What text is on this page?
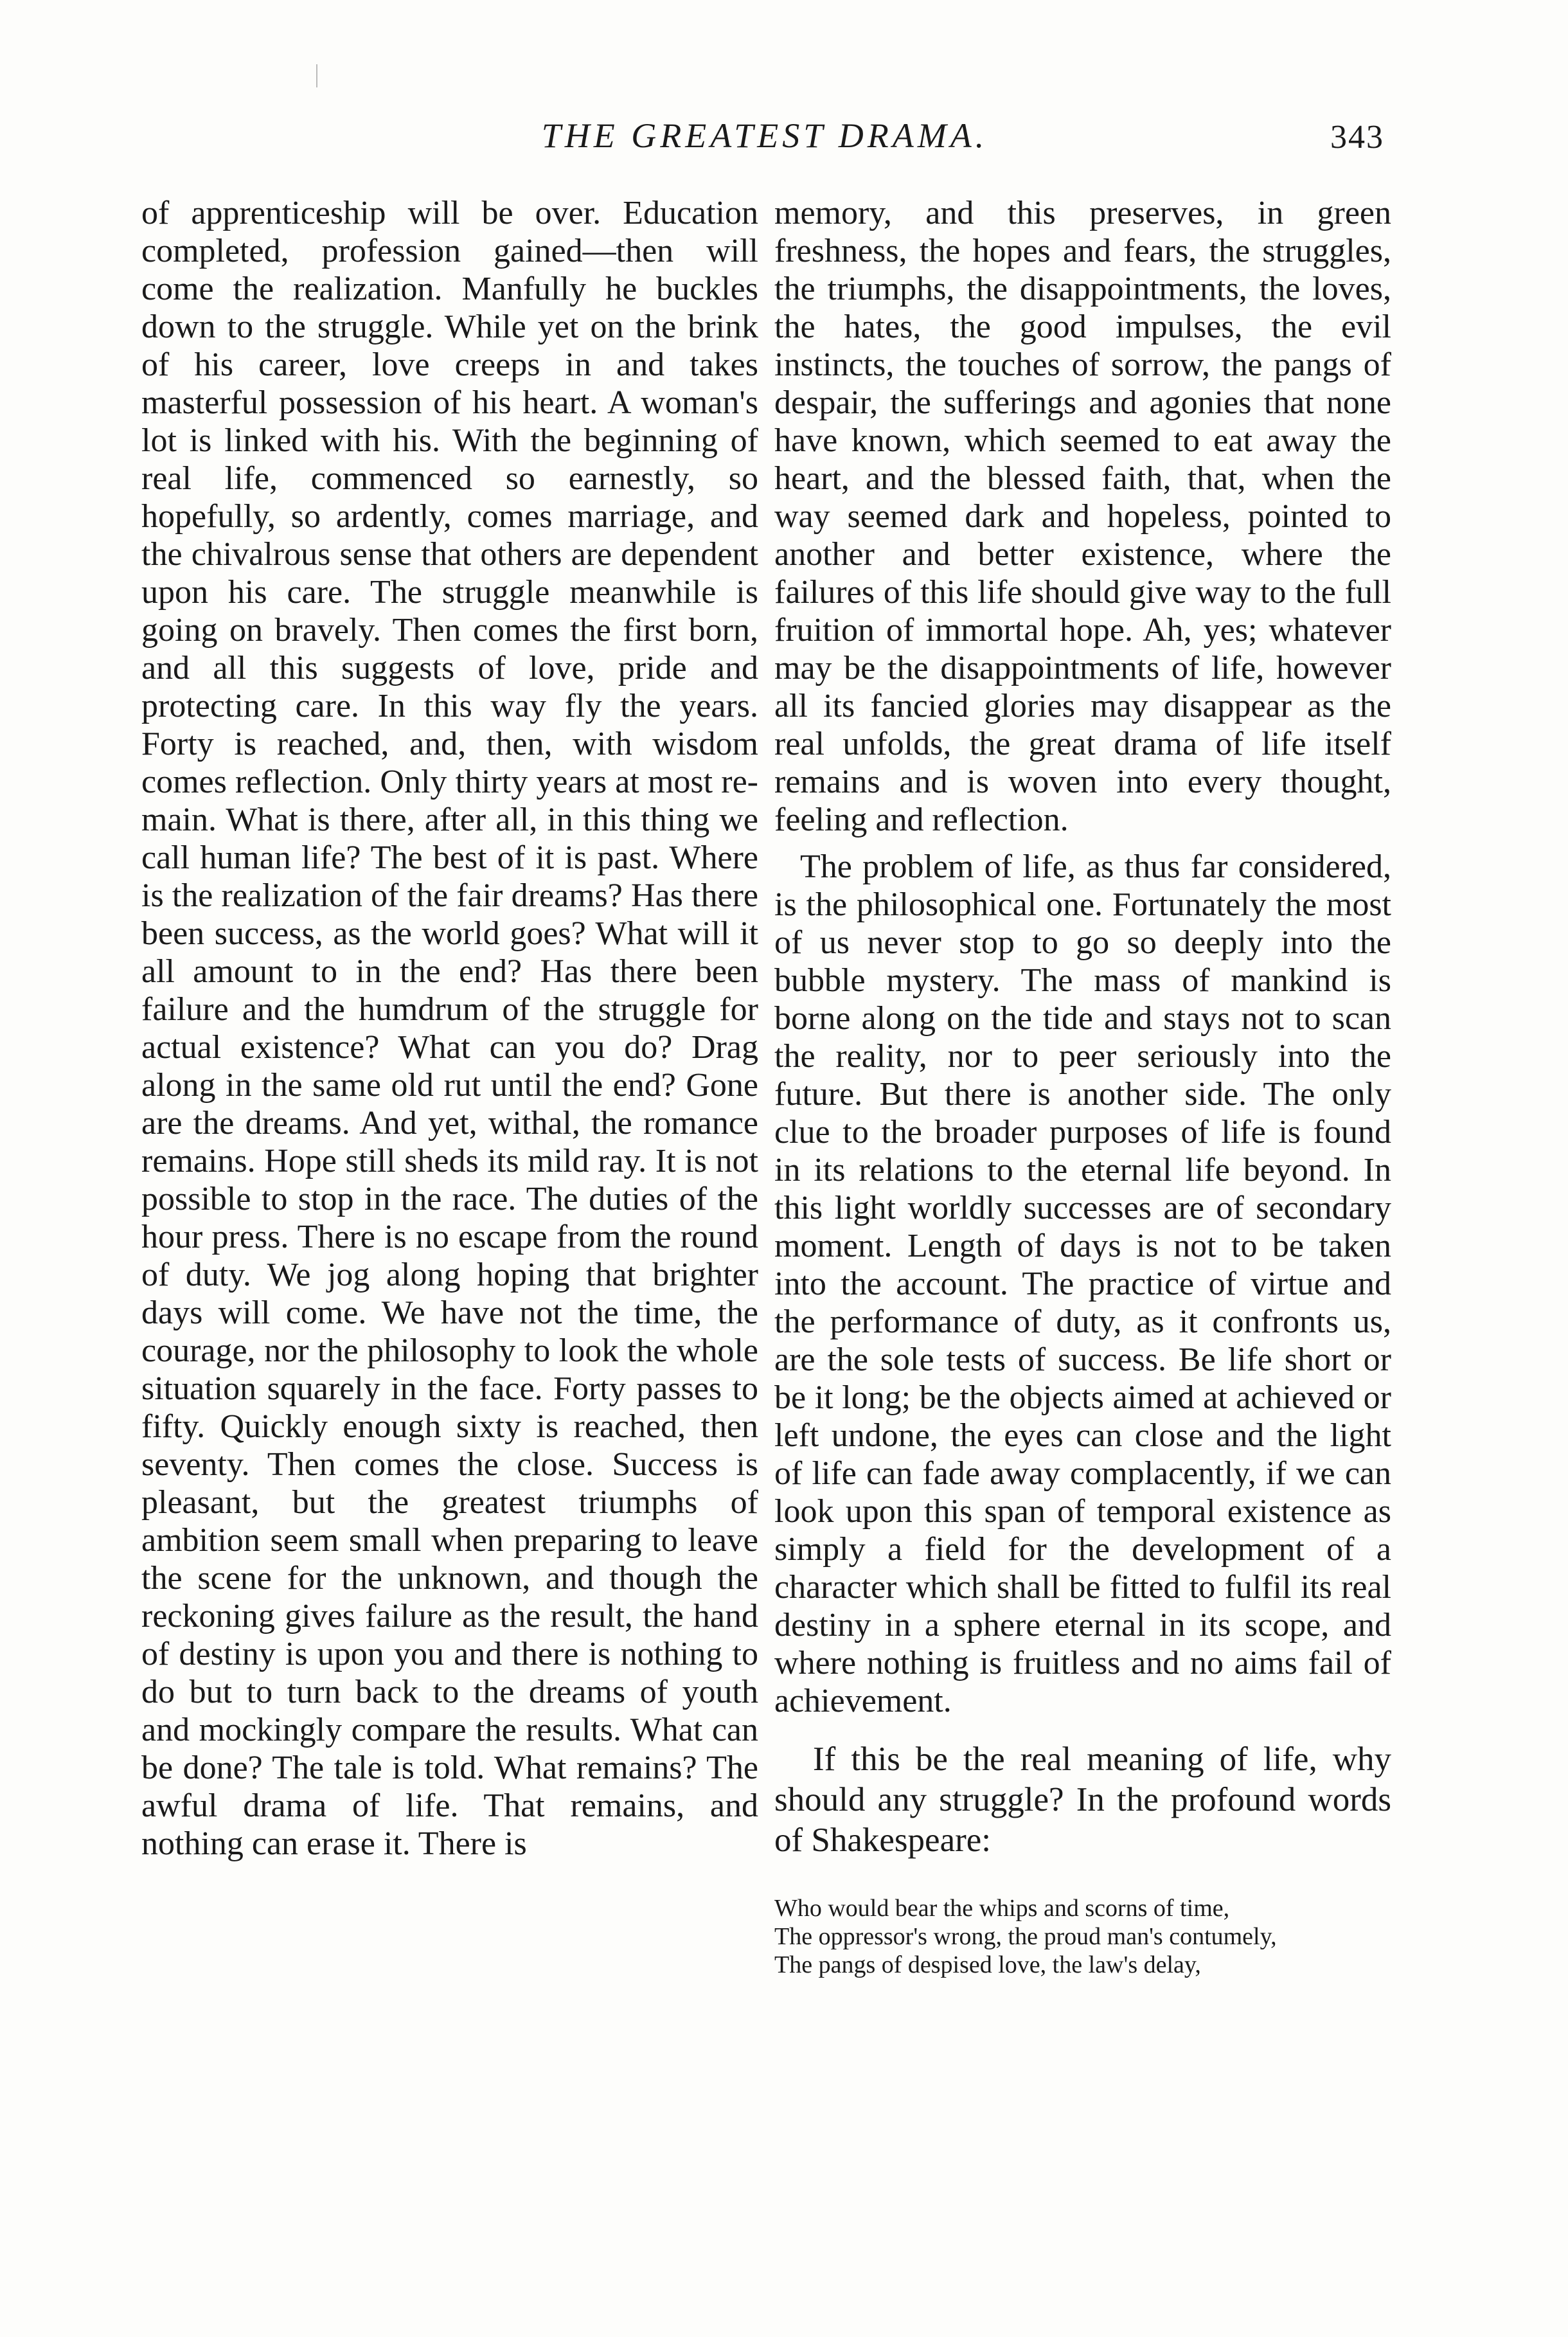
THE GREATEST DRAMA.	343

of apprenticeship will be over. Education completed, profession gained—then will come the realization. Manfully he buckles down to the struggle. While yet on the brink of his career, love creeps in and takes masterful possession of his heart. A woman's lot is linked with his. With the beginning of real life, commenced so earnestly, so hopefully, so ardently, comes marriage, and the chivalrous sense that others are dependent upon his care. The struggle meanwhile is going on bravely. Then comes the first born, and all this suggests of love, pride and protecting care. In this way fly the years. Forty is reached, and, then, with wisdom comes reflection. Only thirty years at most remain. What is there, after all, in this thing we call human life? The best of it is past. Where is the realization of the fair dreams? Has there been success, as the world goes? What will it all amount to in the end? Has there been failure and the humdrum of the struggle for actual existence? What can you do? Drag along in the same old rut until the end? Gone are the dreams. And yet, withal, the romance remains. Hope still sheds its mild ray. It is not possible to stop in the race. The duties of the hour press. There is no escape from the round of duty. We jog along hoping that brighter days will come. We have not the time, the courage, nor the philosophy to look the whole situation squarely in the face. Forty passes to fifty. Quickly enough sixty is reached, then seventy. Then comes the close. Success is pleasant, but the greatest triumphs of ambition seem small when preparing to leave the scene for the unknown, and though the reckoning gives failure as the result, the hand of destiny is upon you and there is nothing to do but to turn back to the dreams of youth and mockingly compare the results. What can be done? The tale is told. What remains? The awful drama of life. That remains, and nothing can erase it. There is

memory, and this preserves, in green freshness, the hopes and fears, the struggles, the triumphs, the disappointments, the loves, the hates, the good impulses, the evil instincts, the touches of sorrow, the pangs of despair, the sufferings and agonies that none have known, which seemed to eat away the heart, and the blessed faith, that, when the way seemed dark and hopeless, pointed to another and better existence, where the failures of this life should give way to the full fruition of immortal hope. Ah, yes; whatever may be the disappointments of life, however all its fancied glories may disappear as the real unfolds, the great drama of life itself remains and is woven into every thought, feeling and reflection.

The problem of life, as thus far considered, is the philosophical one. Fortunately the most of us never stop to go so deeply into the bubble mystery. The mass of mankind is borne along on the tide and stays not to scan the reality, nor to peer seriously into the future. But there is another side. The only clue to the broader purposes of life is found in its relations to the eternal life beyond. In this light worldly successes are of secondary moment. Length of days is not to be taken into the account. The practice of virtue and the performance of duty, as it confronts us, are the sole tests of success. Be life short or be it long; be the objects aimed at achieved or left undone, the eyes can close and the light of life can fade away complacently, if we can look upon this span of temporal existence as simply a field for the development of a character which shall be fitted to fulfil its real destiny in a sphere eternal in its scope, and where nothing is fruitless and no aims fail of achievement.

If this be the real meaning of life, why should any struggle? In the profound words of Shakespeare:

Who would bear the whips and scorns of time,

The oppressor's wrong, the proud man's contumely,

The pangs of despised love, the law's delay,
